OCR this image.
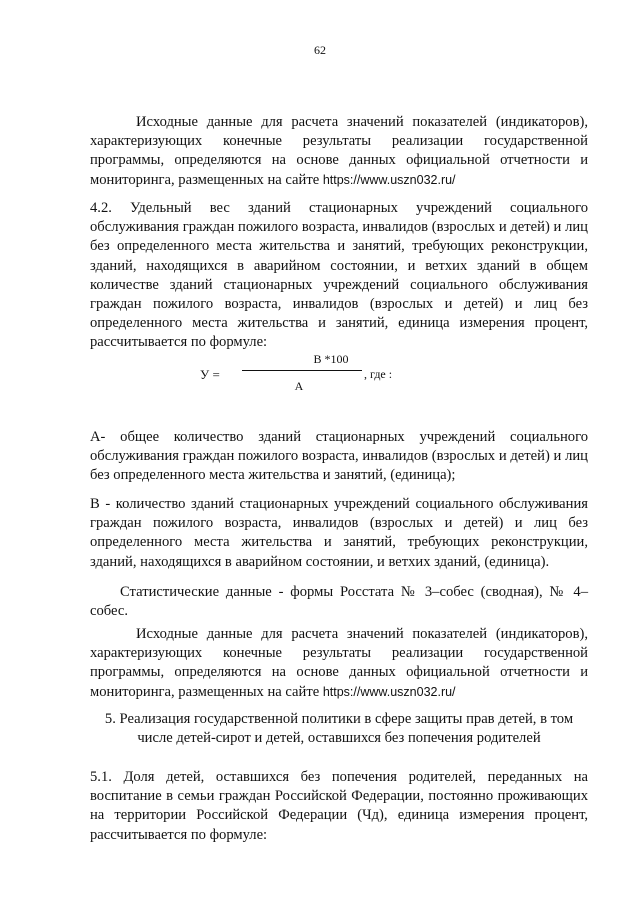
62

Исходные данные для расчета значений показателей (индикаторов), характеризующих конечные результаты реализации государственной программы, определяются на основе данных официальной отчетности и мониторинга, размещенных на сайте https://www.uszn032.ru/

4.2. Удельный вес зданий стационарных учреждений социального обслуживания граждан пожилого возраста, инвалидов (взрослых и детей) и лиц без определенного места жительства и занятий, требующих реконструкции, зданий, находящихся в аварийном состоянии, и ветхих зданий в общем количестве зданий стационарных учреждений социального обслуживания граждан пожилого возраста, инвалидов (взрослых и детей) и лиц без определенного места жительства и занятий, единица измерения процент, рассчитывается по формуле:

У =
В *100
А
, где :

А- общее количество зданий стационарных учреждений социального обслуживания граждан пожилого возраста, инвалидов (взрослых и детей) и лиц без определенного места жительства и занятий, (единица);

В - количество зданий стационарных учреждений социального обслуживания граждан пожилого возраста, инвалидов (взрослых и детей) и лиц без определенного места жительства и занятий, требующих реконструкции, зданий, находящихся в аварийном состоянии, и ветхих зданий, (единица).

Статистические данные - формы Росстата № 3–собес (сводная), № 4–собес.

Исходные данные для расчета значений показателей (индикаторов), характеризующих конечные результаты реализации государственной программы, определяются на основе данных официальной отчетности и мониторинга, размещенных на сайте https://www.uszn032.ru/

5. Реализация государственной политики в сфере защиты прав детей, в том числе детей-сирот и детей, оставшихся без попечения родителей

5.1. Доля детей, оставшихся без попечения родителей, переданных на воспитание в семьи граждан Российской Федерации, постоянно проживающих на территории Российской Федерации (Чд), единица измерения процент, рассчитывается по формуле:
